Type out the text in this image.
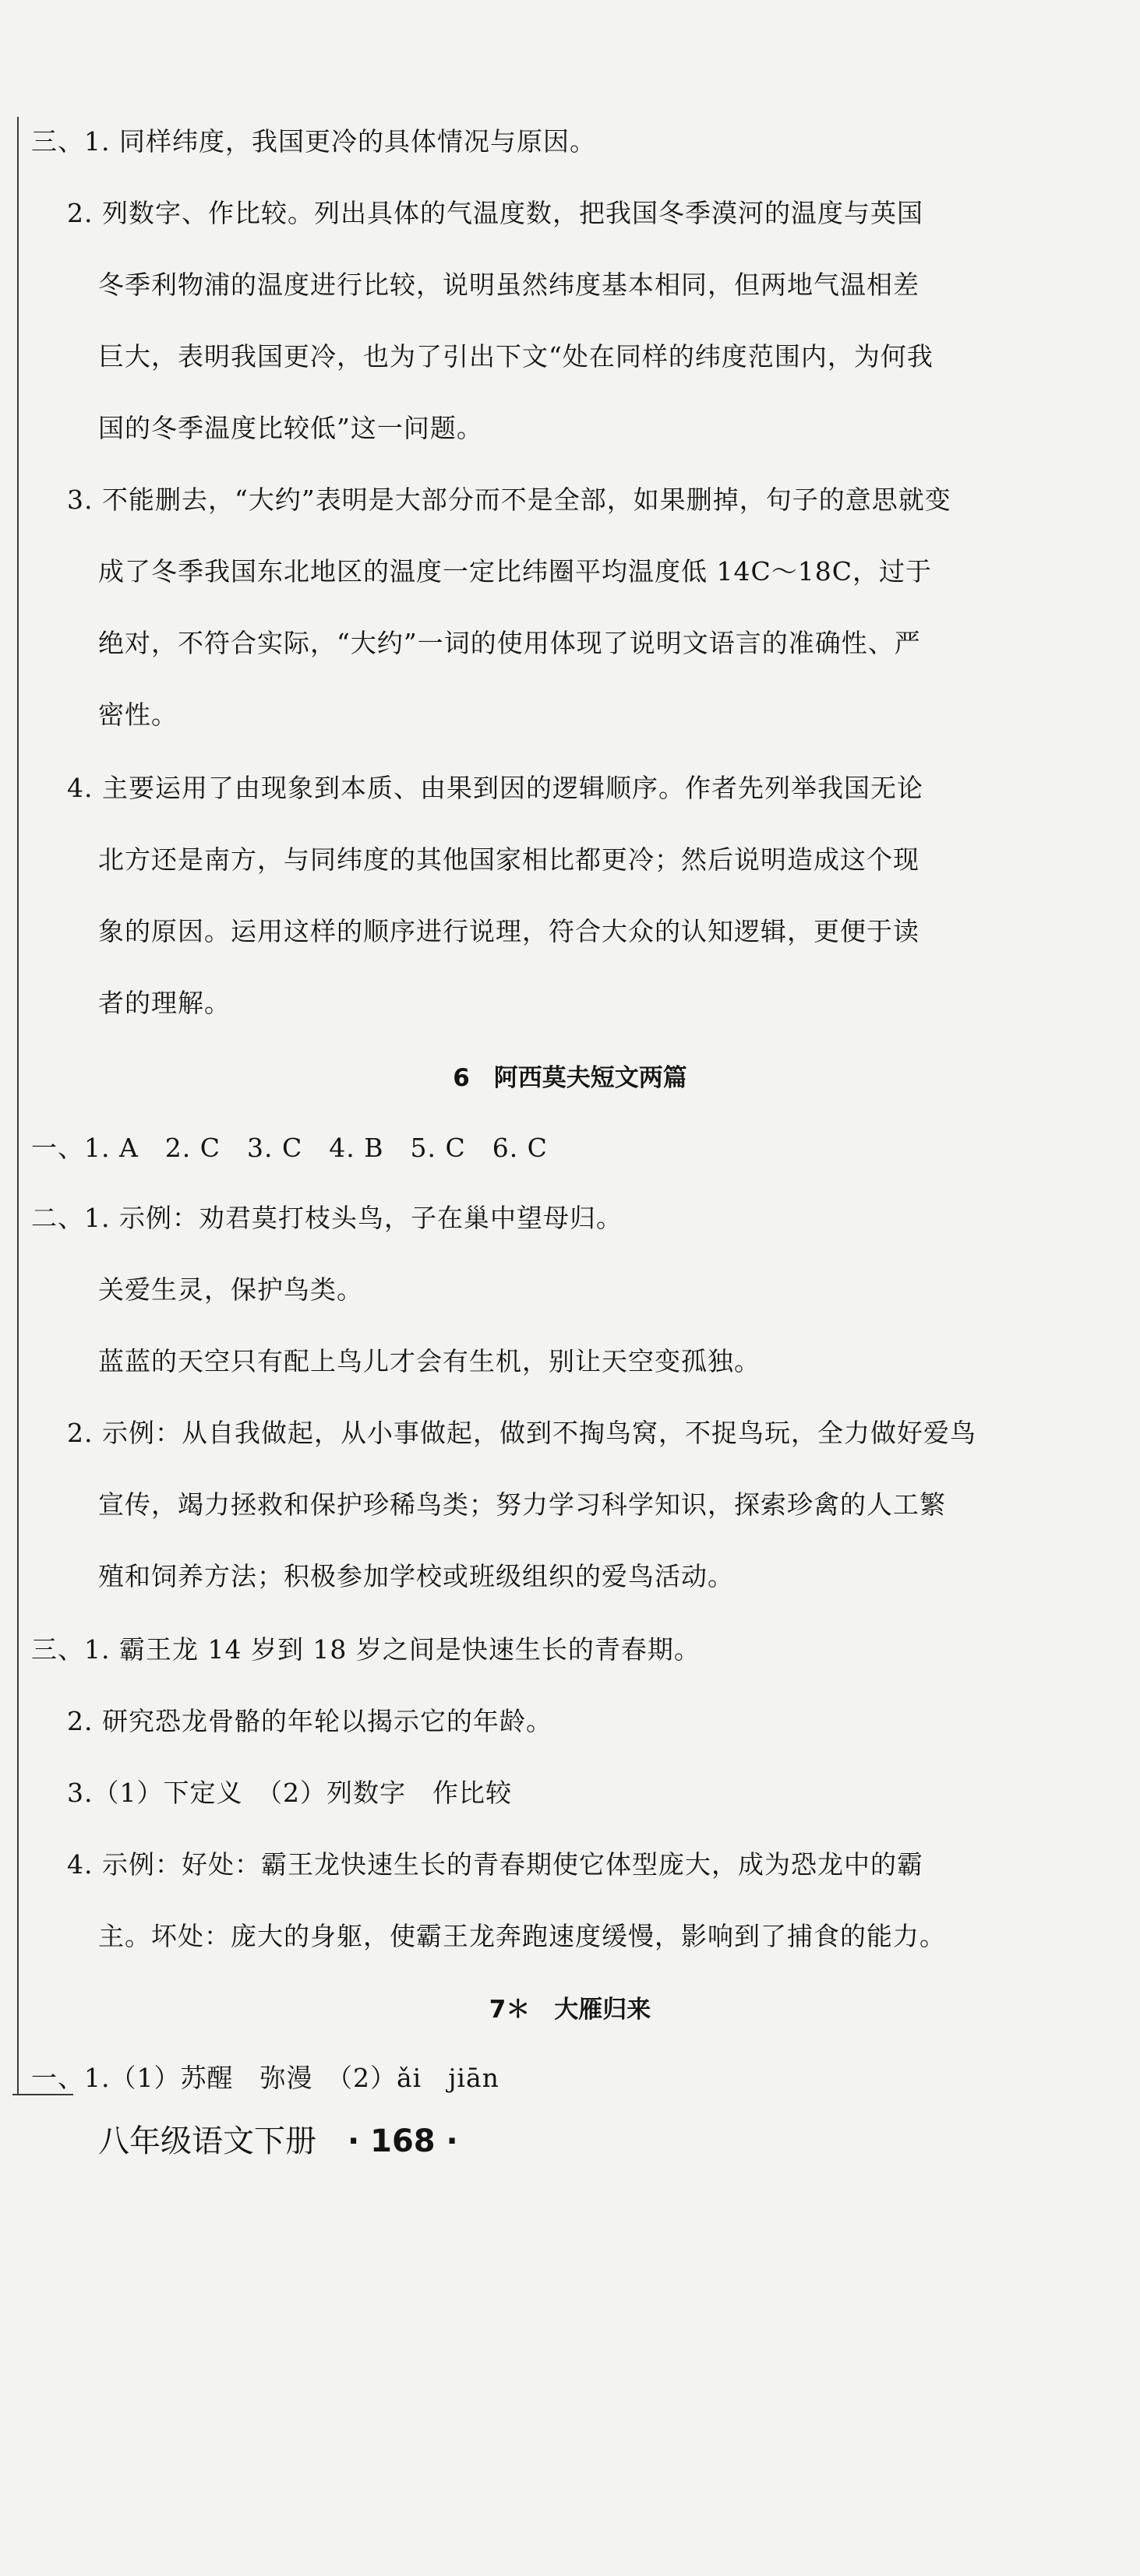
三、1. 同样纬度，我国更冷的具体情况与原因。
2. 列数字、作比较。列出具体的气温度数，把我国冬季漠河的温度与英国
冬季利物浦的温度进行比较，说明虽然纬度基本相同，但两地气温相差
巨大，表明我国更冷，也为了引出下文“处在同样的纬度范围内，为何我
国的冬季温度比较低”这一问题。
3. 不能删去，“大约”表明是大部分而不是全部，如果删掉，句子的意思就变
成了冬季我国东北地区的温度一定比纬圈平均温度低 14C～18C，过于
绝对，不符合实际，“大约”一词的使用体现了说明文语言的准确性、严
密性。
4. 主要运用了由现象到本质、由果到因的逻辑顺序。作者先列举我国无论
北方还是南方，与同纬度的其他国家相比都更冷；然后说明造成这个现
象的原因。运用这样的顺序进行说理，符合大众的认知逻辑，更便于读
者的理解。
6　阿西莫夫短文两篇
一、1. A　2. C　3. C　4. B　5. C　6. C
二、1. 示例：劝君莫打枝头鸟，子在巢中望母归。
关爱生灵，保护鸟类。
蓝蓝的天空只有配上鸟儿才会有生机，别让天空变孤独。
2. 示例：从自我做起，从小事做起，做到不掏鸟窝，不捉鸟玩，全力做好爱鸟
宣传，竭力拯救和保护珍稀鸟类；努力学习科学知识，探索珍禽的人工繁
殖和饲养方法；积极参加学校或班级组织的爱鸟活动。
三、1. 霸王龙 14 岁到 18 岁之间是快速生长的青春期。
2. 研究恐龙骨骼的年轮以揭示它的年龄。
3.（1）下定义　（2）列数字　作比较
4. 示例：好处：霸王龙快速生长的青春期使它体型庞大，成为恐龙中的霸
主。坏处：庞大的身躯，使霸王龙奔跑速度缓慢，影响到了捕食的能力。
7＊　大雁归来
一、1.（1）苏醒　弥漫　（2）ǎi　jiān
八年级语文下册 · 168 ·
